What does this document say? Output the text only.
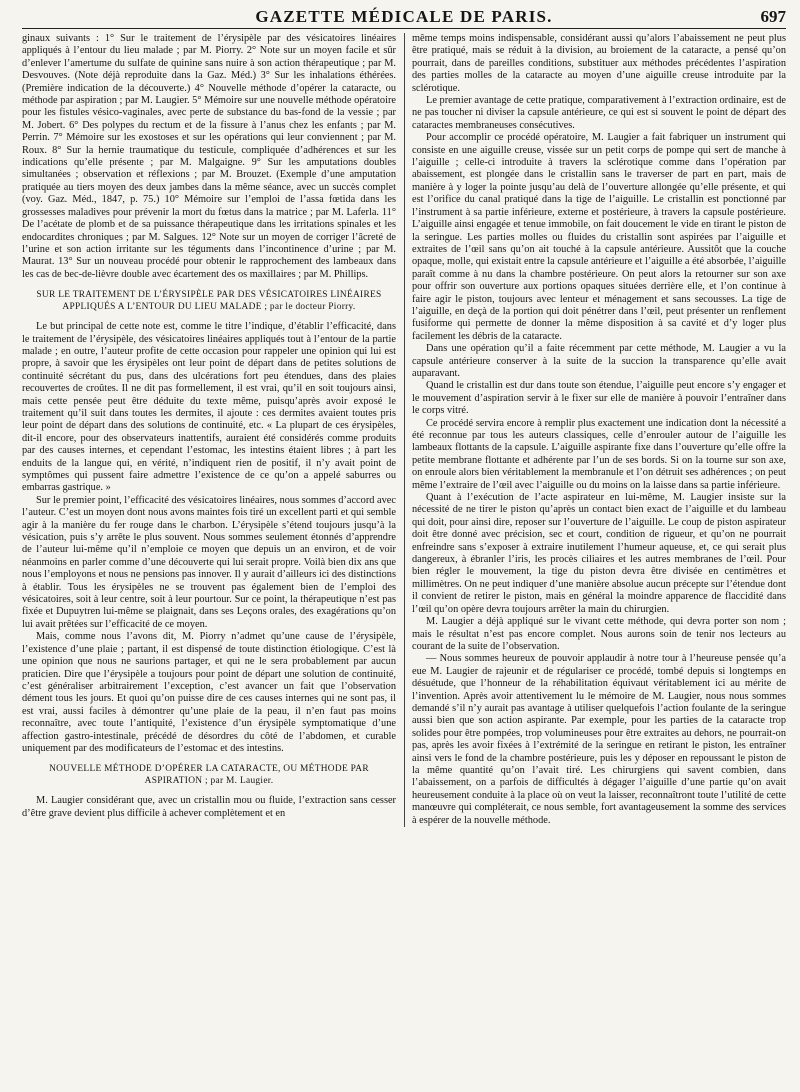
GAZETTE MÉDICALE DE PARIS.	697

ginaux suivants : 1° Sur le traitement de l’érysipèle par des vésicatoires linéaires appliqués à l’entour du lieu malade ; par M. Piorry. 2° Note sur un moyen facile et sûr d’enlever l’amertume du sulfate de quinine sans nuire à son action thérapeutique ; par M. Desvouves. (Note déjà reproduite dans la Gaz. Méd.) 3° Sur les inhalations éthérées. (Première indication de la découverte.) 4° Nouvelle méthode d’opérer la cataracte, ou méthode par aspiration ; par M. Laugier. 5° Mémoire sur une nouvelle méthode opératoire pour les fistules vésico-vaginales, avec perte de substance du bas-fond de la vessie ; par M. Jobert. 6° Des polypes du rectum et de la fissure à l’anus chez les enfants ; par M. Perrin. 7° Mémoire sur les exostoses et sur les opérations qui leur conviennent ; par M. Roux. 8° Sur la hernie traumatique du testicule, compliquée d’adhérences et sur les indications qu’elle présente ; par M. Malgaigne. 9° Sur les amputations doubles simultanées ; observation et réflexions ; par M. Brouzet. (Exemple d’une amputation pratiquée au tiers moyen des deux jambes dans la même séance, avec un succès complet (voy. Gaz. Méd., 1847, p. 75.) 10° Mémoire sur l’emploi de l’assa fœtida dans les grossesses maladives pour prévenir la mort du fœtus dans la matrice ; par M. Laferla. 11° De l’acétate de plomb et de sa puissance thérapeutique dans les irritations spinales et les endocardites chroniques ; par M. Salgues. 12° Note sur un moyen de corriger l’âcreté de l’urine et son action irritante sur les téguments dans l’incontinence d’urine ; par M. Maurat. 13° Sur un nouveau procédé pour obtenir le rapprochement des lambeaux dans les cas de bec-de-lièvre double avec écartement des os maxillaires ; par M. Phillips.

SUR LE TRAITEMENT DE L’ÉRYSIPÈLE PAR DES VÉSICATOIRES LINÉAIRES APPLIQUÉS A L’ENTOUR DU LIEU MALADE ; par le docteur Piorry.

Le but principal de cette note est, comme le titre l’indique, d’établir l’efficacité, dans le traitement de l’érysipèle, des vésicatoires linéaires appliqués tout à l’entour de la partie malade ; en outre, l’auteur profite de cette occasion pour rappeler une opinion qui lui est propre, à savoir que les érysipèles ont leur point de départ dans de petites solutions de continuité sécrétant du pus, dans des ulcérations fort peu étendues, dans des plaies recouvertes de croûtes. Il ne dit pas formellement, il est vrai, qu’il en soit toujours ainsi, mais cette pensée peut être déduite du texte même, puisqu’après avoir exposé le traitement qu’il suit dans toutes les dermites, il ajoute : ces dermites avaient toutes pris leur point de départ dans des solutions de continuité, etc. « La plupart de ces érysipèles, dit-il encore, pour des observateurs inattentifs, auraient été considérés comme produits par des causes internes, et cependant l’estomac, les intestins étaient libres ; à part les enduits de la langue qui, en vérité, n’indiquent rien de positif, il n’y avait point de symptômes qui pussent faire admettre l’existence de ce qu’on a appelé saburres ou embarras gastrique. »

Sur le premier point, l’efficacité des vésicatoires linéaires, nous sommes d’accord avec l’auteur. C’est un moyen dont nous avons maintes fois tiré un excellent parti et qui semble agir à la manière du fer rouge dans le charbon. L’érysipèle s’étend toujours jusqu’à la vésication, puis s’y arrête le plus souvent. Nous sommes seulement étonnés d’apprendre de l’auteur lui-même qu’il n’emploie ce moyen que depuis un an environ, et de voir néanmoins en parler comme d’une découverte qui lui serait propre. Voilà bien dix ans que nous l’employons et nous ne pensions pas innover. Il y aurait d’ailleurs ici des distinctions à établir. Tous les érysipèles ne se trouvent pas également bien de l’emploi des vésicatoires, soit à leur centre, soit à leur pourtour. Sur ce point, la thérapeutique n’est pas fixée et Dupuytren lui-même se plaignait, dans ses Leçons orales, des exagérations qu’on lui avait prêtées sur l’efficacité de ce moyen.

Mais, comme nous l’avons dit, M. Piorry n’admet qu’une cause de l’érysipèle, l’existence d’une plaie ; partant, il est dispensé de toute distinction étiologique. C’est là une opinion que nous ne saurions partager, et qui ne le sera probablement par aucun praticien. Dire que l’érysipèle a toujours pour point de départ une solution de continuité, c’est généraliser arbitrairement l’exception, c’est avancer un fait que l’observation dément tous les jours. Et quoi qu’on puisse dire de ces causes internes qui ne sont pas, il est vrai, aussi faciles à démontrer qu’une plaie de la peau, il n’en faut pas moins reconnaître, avec toute l’antiquité, l’existence d’un érysipèle symptomatique d’une affection gastro-intestinale, précédé de désordres du côté de l’abdomen, et curable uniquement par des modificateurs de l’estomac et des intestins.

NOUVELLE MÉTHODE D’OPÉRER LA CATARACTE, OU MÉTHODE PAR ASPIRATION ; par M. Laugier.

M. Laugier considérant que, avec un cristallin mou ou fluide, l’extraction sans cesser d’être grave devient plus difficile à achever complètement et en

même temps moins indispensable, considérant aussi qu’alors l’abaissement ne peut plus être pratiqué, mais se réduit à la division, au broiement de la cataracte, a pensé qu’on pourrait, dans de pareilles conditions, substituer aux méthodes précédentes l’aspiration des parties molles de la cataracte au moyen d’une aiguille creuse introduite par la sclérotique.

Le premier avantage de cette pratique, comparativement à l’extraction ordinaire, est de ne pas toucher ni diviser la capsule antérieure, ce qui est si souvent le point de départ des cataractes membraneuses consécutives.

Pour accomplir ce procédé opératoire, M. Laugier a fait fabriquer un instrument qui consiste en une aiguille creuse, vissée sur un petit corps de pompe qui sert de manche à l’aiguille ; celle-ci introduite à travers la sclérotique comme dans l’opération par abaissement, est plongée dans le cristallin sans le traverser de part en part, mais de manière à y loger la pointe jusqu’au delà de l’ouverture allongée qu’elle présente, et qui est l’orifice du canal pratiqué dans la tige de l’aiguille. Le cristallin est ponctionné par l’instrument à sa partie inférieure, externe et postérieure, à travers la capsule postérieure. L’aiguille ainsi engagée et tenue immobile, on fait doucement le vide en tirant le piston de la seringue. Les parties molles ou fluides du cristallin sont aspirées par l’aiguille et extraites de l’œil sans qu’on ait touché à la capsule antérieure. Aussitôt que la couche opaque, molle, qui existait entre la capsule antérieure et l’aiguille a été absorbée, l’aiguille paraît comme à nu dans la chambre postérieure. On peut alors la retourner sur son axe pour offrir son ouverture aux portions opaques situées derrière elle, et l’on continue à faire agir le piston, toujours avec lenteur et ménagement et sans secousses. La tige de l’aiguille, en deçà de la portion qui doit pénétrer dans l’œil, peut présenter un renflement fusiforme qui permette de donner la même disposition à sa cavité et d’y loger plus facilement les débris de la cataracte.

Dans une opération qu’il a faite récemment par cette méthode, M. Laugier a vu la capsule antérieure conserver à la suite de la succion la transparence qu’elle avait auparavant.

Quand le cristallin est dur dans toute son étendue, l’aiguille peut encore s’y engager et le mouvement d’aspiration servir à le fixer sur elle de manière à pouvoir l’entraîner dans le corps vitré.

Ce procédé servira encore à remplir plus exactement une indication dont la nécessité a été reconnue par tous les auteurs classiques, celle d’enrouler autour de l’aiguille les lambeaux flottants de la capsule. L’aiguille aspirante fixe dans l’ouverture qu’elle offre la petite membrane flottante et adhérente par l’un de ses bords. Si on la tourne sur son axe, on enroule alors bien véritablement la membranule et l’on détruit ses adhérences ; on peut même l’extraire de l’œil avec l’aiguille ou du moins on la laisse dans sa partie inférieure.

Quant à l’exécution de l’acte aspirateur en lui-même, M. Laugier insiste sur la nécessité de ne tirer le piston qu’après un contact bien exact de l’aiguille et du lambeau qui doit, pour ainsi dire, reposer sur l’ouverture de l’aiguille. Le coup de piston aspirateur doit être donné avec précision, sec et court, condition de rigueur, et qu’on ne pourrait enfreindre sans s’exposer à extraire inutilement l’humeur aqueuse, et, ce qui serait plus dangereux, à ébranler l’iris, les procès ciliaires et les autres membranes de l’œil. Pour bien régler le mouvement, la tige du piston devra être divisée en centimètres et millimètres. On ne peut indiquer d’une manière absolue aucun précepte sur l’étendue dont il convient de retirer le piston, mais en général la moindre apparence de flaccidité dans l’œil qu’on opère devra toujours arrêter la main du chirurgien.

M. Laugier a déjà appliqué sur le vivant cette méthode, qui devra porter son nom ; mais le résultat n’est pas encore complet. Nous aurons soin de tenir nos lecteurs au courant de la suite de l’observation.

— Nous sommes heureux de pouvoir applaudir à notre tour à l’heureuse pensée qu’a eue M. Laugier de rajeunir et de régulariser ce procédé, tombé depuis si longtemps en désuétude, que l’honneur de la réhabilitation équivaut véritablement ici au mérite de l’invention. Après avoir attentivement lu le mémoire de M. Laugier, nous nous sommes demandé s’il n’y aurait pas avantage à utiliser quelquefois l’action foulante de la seringue aussi bien que son action aspirante. Par exemple, pour les parties de la cataracte trop solides pour être pompées, trop volumineuses pour être extraites au dehors, ne pourrait-on pas, après les avoir fixées à l’extrémité de la seringue en retirant le piston, les entraîner ainsi vers le fond de la chambre postérieure, puis les y déposer en repoussant le piston de la même quantité qu’on l’avait tiré. Les chirurgiens qui savent combien, dans l’abaissement, on a parfois de difficultés à dégager l’aiguille d’une partie qu’on avait heureusement conduite à la place où on veut la laisser, reconnaîtront toute l’utilité de cette manœuvre qui compléterait, ce nous semble, fort avantageusement la somme des services à espérer de la nouvelle méthode.
